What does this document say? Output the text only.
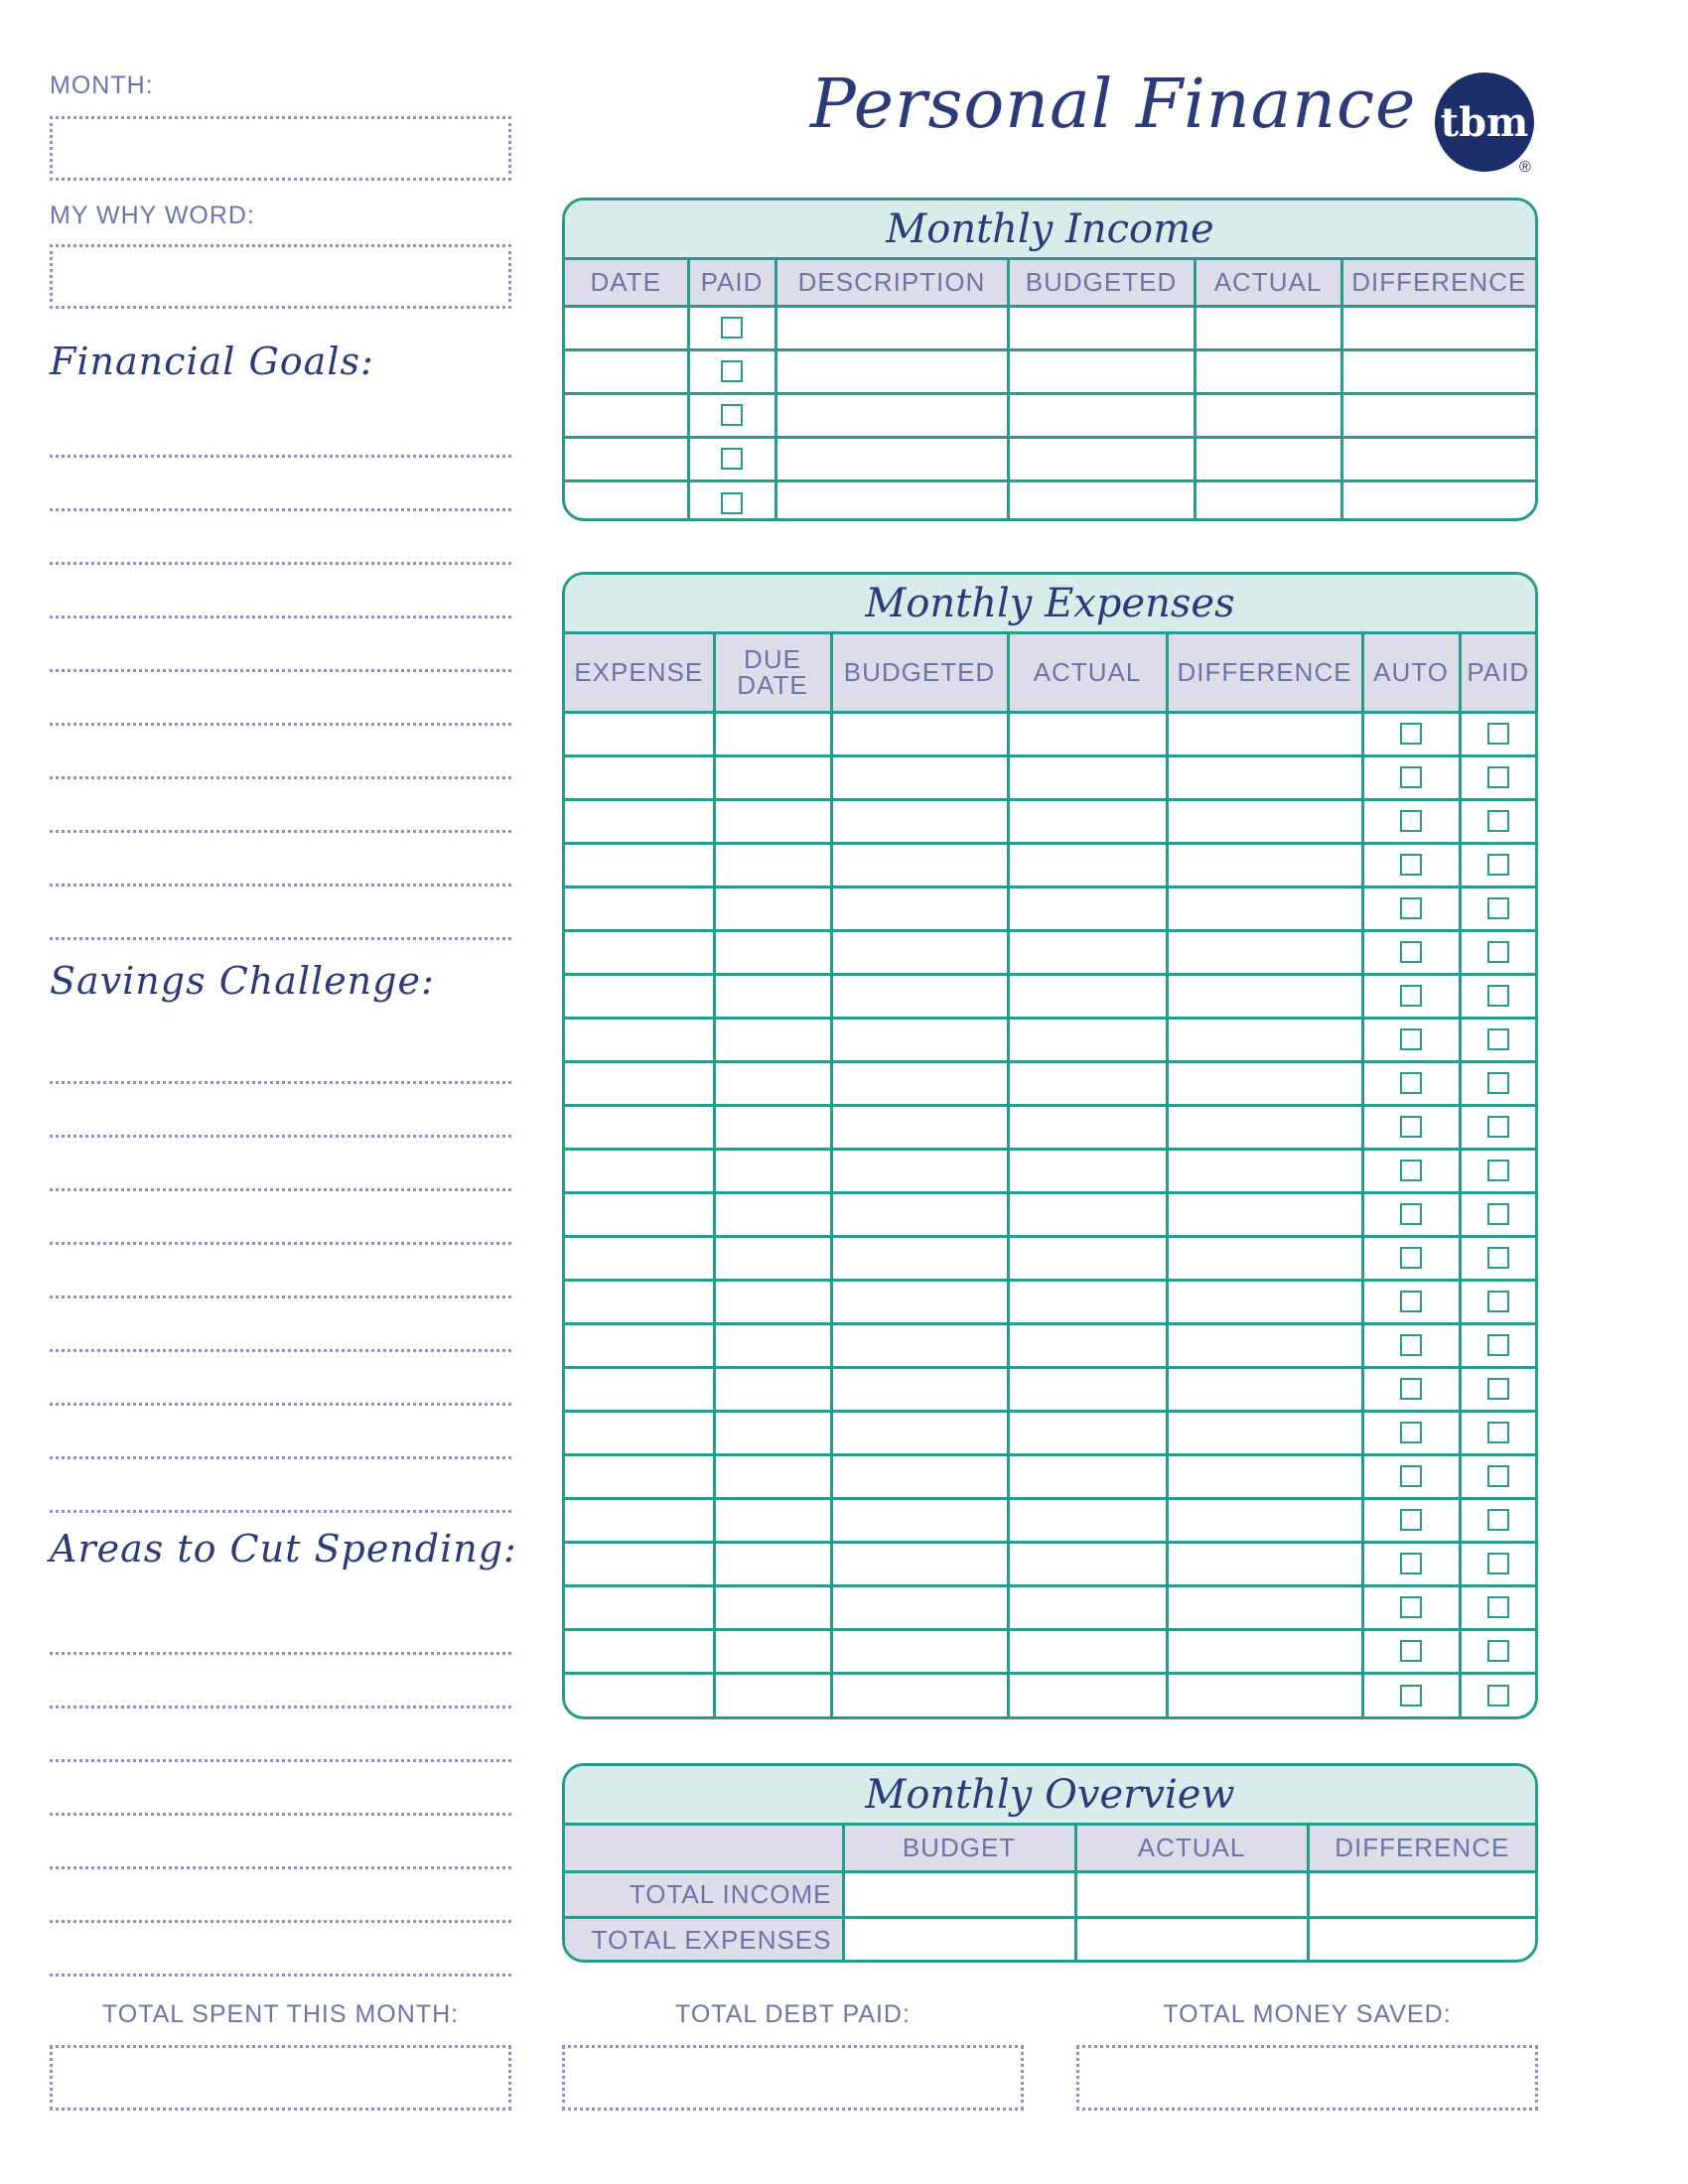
MONTH:
MY WHY WORD:
Financial Goals:
Savings Challenge:
Areas to Cut Spending:
Personal Finance tbm
®
Monthly Income
DATE	PAID	DESCRIPTION	BUDGETED	ACTUAL	DIFFERENCE

Monthly Expenses
EXPENSE	DUE DATE	BUDGETED	ACTUAL	DIFFERENCE	AUTO	PAID

Monthly Overview
	BUDGET	ACTUAL	DIFFERENCE
TOTAL INCOME			
TOTAL EXPENSES			
TOTAL SPENT THIS MONTH:	TOTAL DEBT PAID:	TOTAL MONEY SAVED:
